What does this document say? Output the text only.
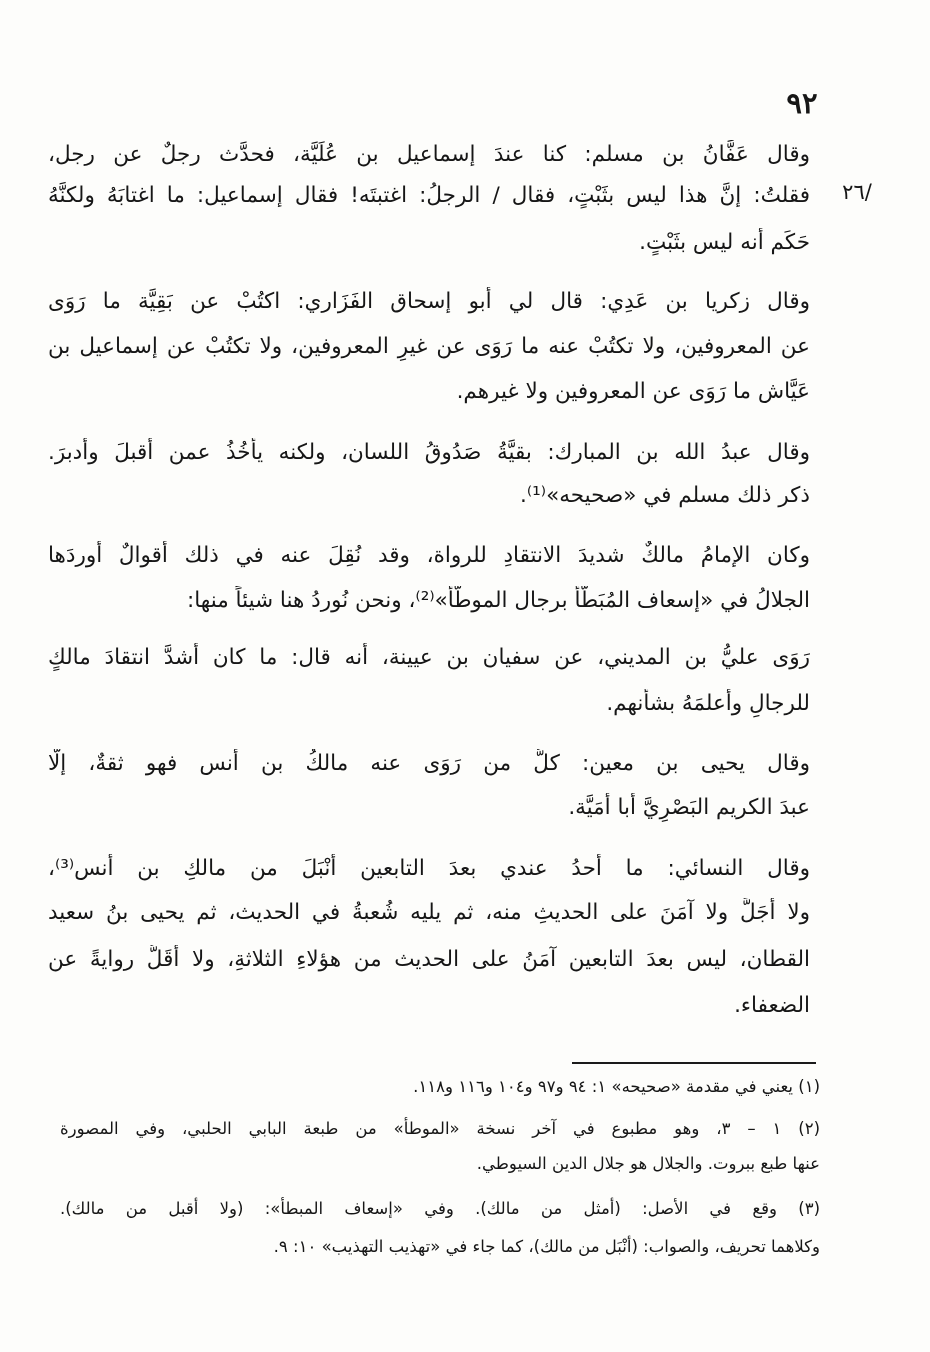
٩٢
٢٦/
وقال عَفَّانُ بن مسلم: كنا عندَ إسماعيل بن عُلَيَّة، فحدَّث رجلٌ عن رجل،
فقلتُ: إنَّ هذا ليس بثَبْتٍ، فقال / الرجلُ: اغتبتَه! فقال إسماعيل: ما اغتابَهُ ولكنَّهُ
حَكَم أنه ليس بثَبْتٍ.
وقال زكريا بن عَدِي: قال لي أبو إسحاق الفَزَاري: اكتُبْ عن بَقِيَّة ما رَوَى
عن المعروفين، ولا تكتُبْ عنه ما رَوَى عن غيرِ المعروفين، ولا تكتُبْ عن إسماعيل بن
عَيَّاش ما رَوَى عن المعروفين ولا غيرهم.
وقال عبدُ الله بن المبارك: بقيَّةُ صَدُوقُ اللسان، ولكنه يأخُذُ عمن أقبلَ وأدبرَ.
ذكر ذلك مسلم في «صحيحه»⁽¹⁾.
وكان الإمامُ مالكٌ شديدَ الانتقادِ للرواة، وقد نُقِلَ عنه في ذلك أقوالٌ أوردَها
الجلالُ في «إسعاف المُبَطَّأ برجال الموطَّأ»⁽²⁾، ونحن نُوردُ هنا شيئاً منها:
رَوَى عليُّ بن المديني، عن سفيان بن عيينة، أنه قال: ما كان أشدَّ انتقادَ مالكٍ
للرجالِ وأعلمَهُ بشأنهم.
وقال يحيى بن معين: كلُّ من رَوَى عنه مالكُ بن أنس فهو ثقةٌ، إلَّا
عبدَ الكريم البَصْرِيَّ أبا أُمَيَّة.
وقال النسائي: ما أحدُ عندي بعدَ التابعين أنْبَلَ من مالكِ بن أنس⁽³⁾،
ولا أجَلَّ ولا آمَنَ على الحديثِ منه، ثم يليه شُعبةُ في الحديث، ثم يحيى بنُ سعيد
القطان، ليس بعدَ التابعين آمَنُ على الحديث من هؤلاءِ الثلاثةِ، ولا أقَلُّ روايةً عن
الضعفاء.
(١) يعني في مقدمة «صحيحه» ١: ٩٤ و٩٧ و١٠٤ و١١٦ و١١٨.
(٢) ١ – ٣، وهو مطبوع في آخر نسخة «الموطأ» من طبعة البابي الحلبي، وفي المصورة
عنها طبع ببروت. والجلال هو جلال الدين السيوطي.
(٣) وقع في الأصل: (أمثل من مالك). وفي «إسعاف المبطأ»: (ولا أقبل من مالك).
وكلاهما تحريف، والصواب: (أنْبَل من مالك)، كما جاء في «تهذيب التهذيب» ١٠: ٩.
